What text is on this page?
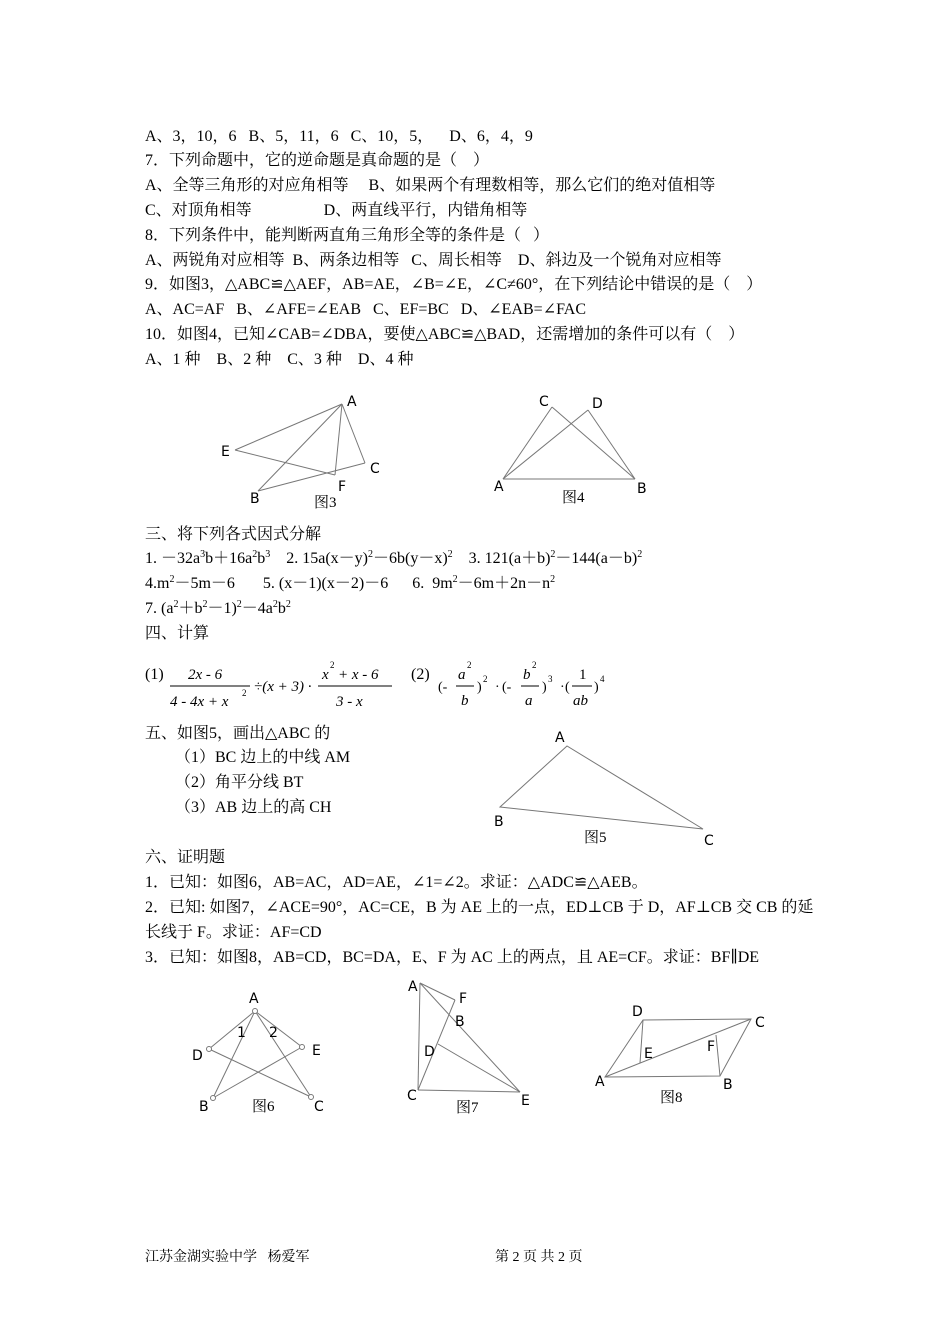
A、3，10，6   B、5，11，6   C、10，5，    D、6，4，9
7．下列命题中，它的逆命题是真命题的是（    ）
A、全等三角形的对应角相等     B、如果两个有理数相等，那么它们的绝对值相等
C、对顶角相等                  D、两直线平行，内错角相等
8．下列条件中，能判断两直角三角形全等的条件是（   ）
A、两锐角对应相等  B、两条边相等   C、周长相等    D、斜边及一个锐角对应相等
9．如图3，△ABC≌△AEF，AB=AE，∠B=∠E，∠C≠60°，在下列结论中错误的是（    ）
A、AC=AF   B、∠AFE=∠EAB   C、EF=BC   D、∠EAB=∠FAC
10．如图4，已知∠CAB=∠DBA，要使△ABC≌△BAD，还需增加的条件可以有（    ）
A、1 种    B、2 种    C、3 种    D、4 种
A
E
C
F
B	图3
C	D
A	B
图4
三、将下列各式因式分解
1. $-32a^3b+16a^2b^3$    2. $15a(x-y)^2-6b(y-x)^2$    3. $121(a+b)^2-144(a-b)^2$
$4.m^2-5m-6$       5. (x－1)(x－2)－6      6.  $9m^2-6m+2n-n^2$
7. $(a^2+b^2-1)^2-4a^2b^2$
四、计算
(1) 2x - 6
4 - 4x + x
2 ÷(x + 3) ·
x
2
+ x - 6
3 - x
(2)
(-
a
2
b
)
2
· (-
b
2
a
)
3
· (
1
ab
)
4
五、如图5，画出△ABC 的
（1）BC 边上的中线 AM
（2）角平分线 BT
（3）AB 边上的高 CH
A
B
C
图5
六、证明题
1．已知：如图6，AB=AC，AD=AE，∠1=∠2。求证：△ADC≌△AEB。
2．已知: 如图7，∠ACE=90°，AC=CE，B 为 AE 上的一点，ED⊥CB 于 D，AF⊥CB 交 CB 的延
长线于 F。求证：AF=CD
3．已知：如图8，AB=CD，BC=DA，E、F 为 AC 上的两点，且 AE=CF。求证：BF∥DE
A
1 2
D	E
B	C
图6
A
F
B
D
C	E
图7
D
C
E	F
A	B
图8
江苏金湖实验中学   杨爱军	第 2 页 共 2 页
